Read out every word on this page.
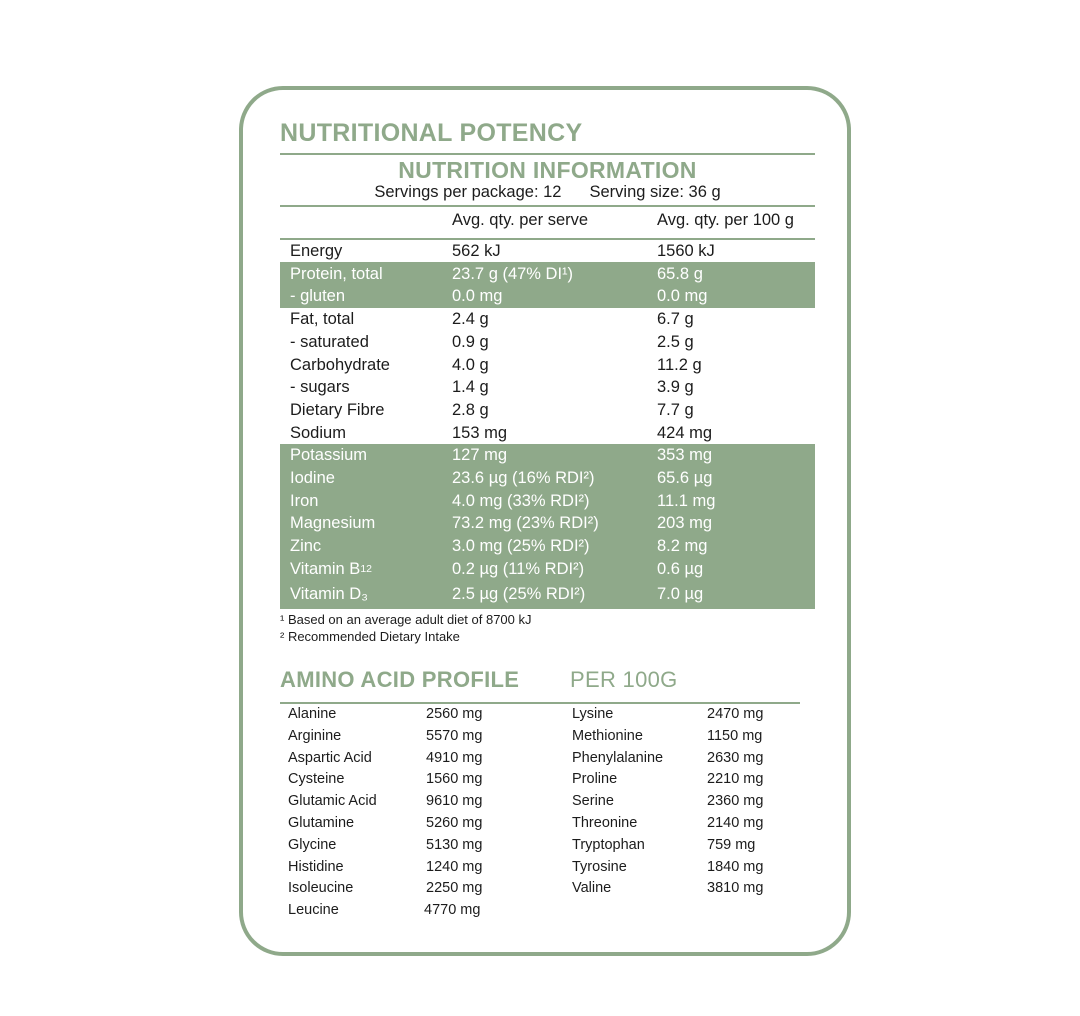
NUTRITIONAL POTENCY
NUTRITION INFORMATION
Servings per package: 12 Serving size: 36 g
Avg. qty. per serve	Avg. qty. per 100 g
Energy	562 kJ	1560 kJ
Protein, total	23.7 g (47% DI¹)	65.8 g
- gluten	0.0 mg	0.0 mg
Fat, total	2.4 g	6.7 g
- saturated	0.9 g	2.5 g
Carbohydrate	4.0 g	11.2 g
- sugars	1.4 g	3.9 g
Dietary Fibre	2.8 g	7.7 g
Sodium	153 mg	424 mg
Potassium	127 mg	353 mg
Iodine	23.6 µg (16% RDI²)	65.6 µg
Iron	4.0 mg (33% RDI²)	11.1 mg
Magnesium	73.2 mg (23% RDI²)	203 mg
Zinc	3.0 mg (25% RDI²)	8.2 mg
Vitamin B 12	0.2 µg (11% RDI²)	0.6 µg
Vitamin D₃	2.5 µg (25% RDI²)	7.0 µg
¹ Based on an average adult diet of 8700 kJ
² Recommended Dietary Intake
AMINO ACID PROFILE PER 100G
Alanine	2560 mg
Arginine	5570 mg
Aspartic Acid	4910 mg
Cysteine	1560 mg
Glutamic Acid	9610 mg
Glutamine	5260 mg
Glycine	5130 mg
Histidine	1240 mg
Isoleucine	2250 mg
Leucine	4770 mg
Lysine	2470 mg
Methionine	1150 mg
Phenylalanine	2630 mg
Proline	2210 mg
Serine	2360 mg
Threonine	2140 mg
Tryptophan	759 mg
Tyrosine	1840 mg
Valine	3810 mg
